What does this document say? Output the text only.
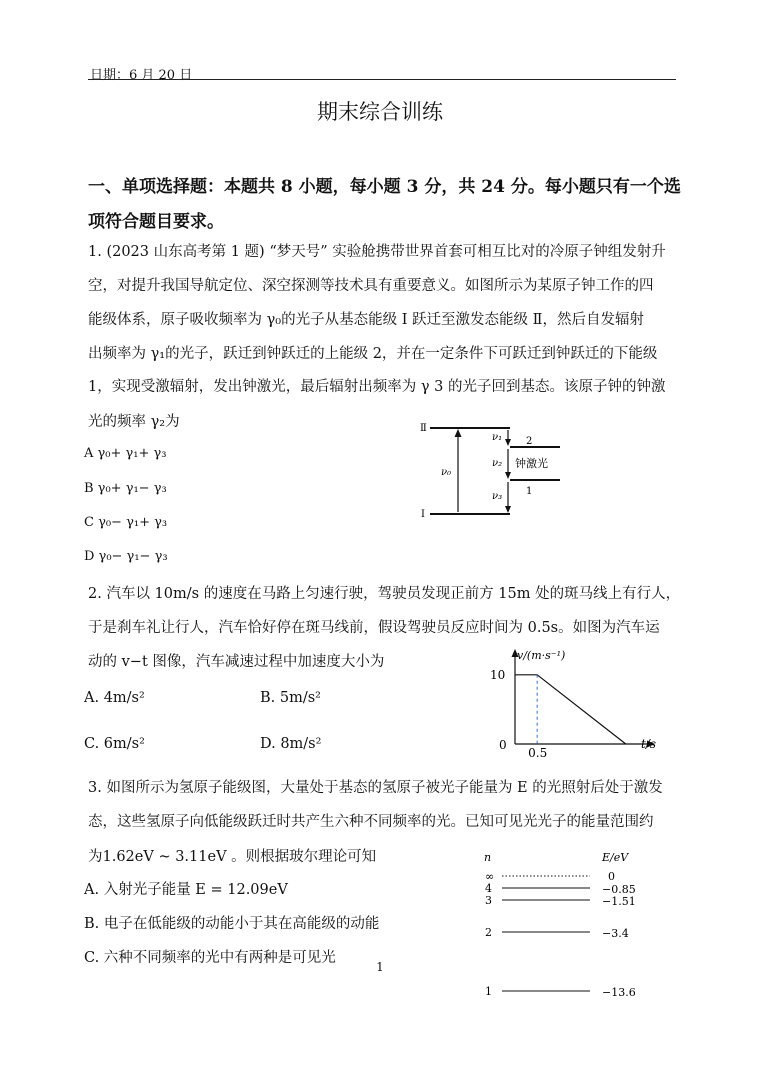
日期：6 月 20 日
期末综合训练
一、单项选择题：本题共 8 小题，每小题 3 分，共 24 分。每小题只有一个选
项符合题目要求。
1. (2023 山东高考第 1 题) “梦天号” 实验舱携带世界首套可相互比对的冷原子钟组发射升
空，对提升我国导航定位、深空探测等技术具有重要意义。如图所示为某原子钟工作的四
能级体系，原子吸收频率为 γ₀的光子从基态能级 Ⅰ 跃迁至激发态能级 Ⅱ，然后自发辐射
出频率为 γ₁的光子，跃迁到钟跃迁的上能级 2，并在一定条件下可跃迁到钟跃迁的下能级
1，实现受激辐射，发出钟激光，最后辐射出频率为 γ 3 的光子回到基态。该原子钟的钟激
光的频率 γ₂为
A γ₀+ γ₁+ γ₃
B γ₀+ γ₁− γ₃
C γ₀− γ₁+ γ₃
D γ₀− γ₁− γ₃
Ⅱ
Ⅰ
ν₀
ν₁
ν₂
ν₃
2
1
钟激光
2. 汽车以 10m/s 的速度在马路上匀速行驶，驾驶员发现正前方 15m 处的斑马线上有行人，
于是刹车礼让行人，汽车恰好停在斑马线前，假设驾驶员反应时间为 0.5s。如图为汽车运
动的 v−t 图像，汽车减速过程中加速度大小为
A. 4m/s²	B. 5m/s²
C. 6m/s²	D. 8m/s²
v/(m·s⁻¹)
t/s
10
0.5
0
3. 如图所示为氢原子能级图，大量处于基态的氢原子被光子能量为 E 的光照射后处于激发
态，这些氢原子向低能级跃迁时共产生六种不同频率的光。已知可见光光子的能量范围约
为1.62eV ~ 3.11eV 。则根据玻尔理论可知
A. 入射光子能量 E = 12.09eV
B. 电子在低能级的动能小于其在高能级的动能
C. 六种不同频率的光中有两种是可见光
n	E/eV
∞	0
4	−0.85
3	−1.51
2	−3.4
1	−13.6
1
